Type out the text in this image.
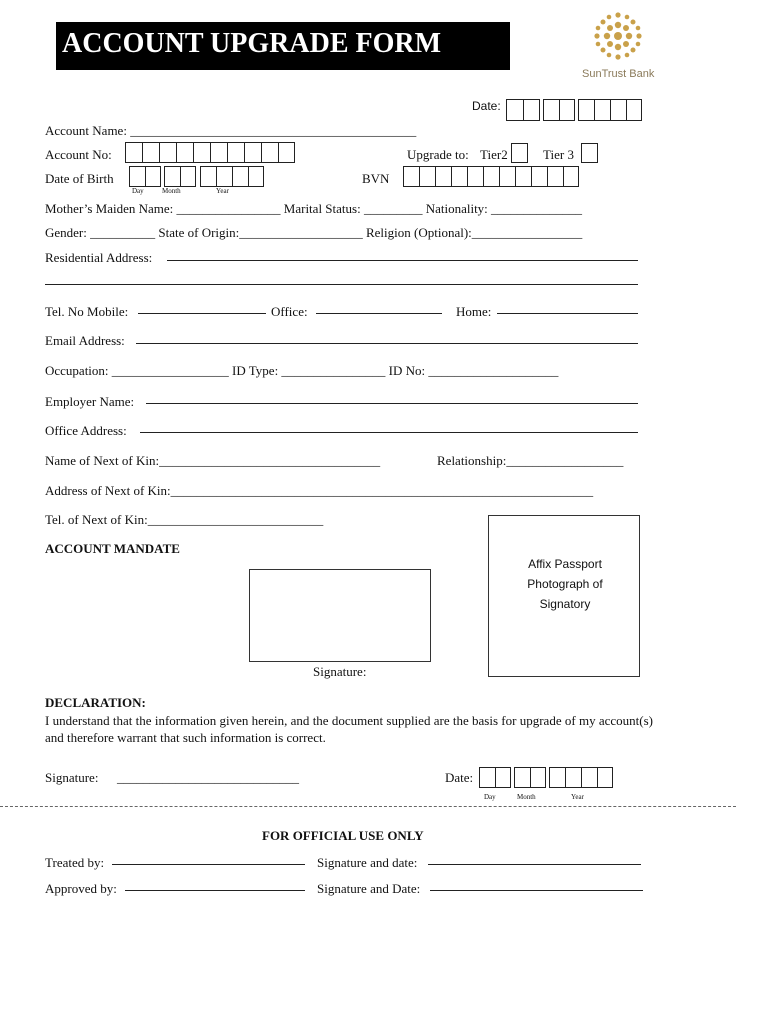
ACCOUNT UPGRADE FORM
SunTrust Bank
Date:
Account Name: ____________________________________________
Account No:	Upgrade to: Tier2	Tier 3
Date of Birth
Day	Month	Year
BVN
Mother’s Maiden Name: ________________ Marital Status: _________ Nationality: ______________
Gender: __________ State of Origin:___________________ Religion (Optional):_________________
Residential Address:
Tel. No Mobile:	Office:	Home:
Email Address:
Occupation: __________________ ID Type: ________________ ID No: ____________________
Employer Name:
Office Address:
Name of Next of Kin:__________________________________	Relationship:__________________
Address of Next of Kin:_________________________________________________________________
Tel. of Next of Kin:___________________________
Affix Passport Photograph of Signatory
ACCOUNT MANDATE
Signature:
DECLARATION:
I understand that the information given herein, and the document supplied are the basis for upgrade of my account(s) and therefore warrant that such information is correct.
Signature: ____________________________	Date:
Day	Month	Year
FOR OFFICIAL USE ONLY
Treated by:	Signature and date:
Approved by:	Signature and Date:
